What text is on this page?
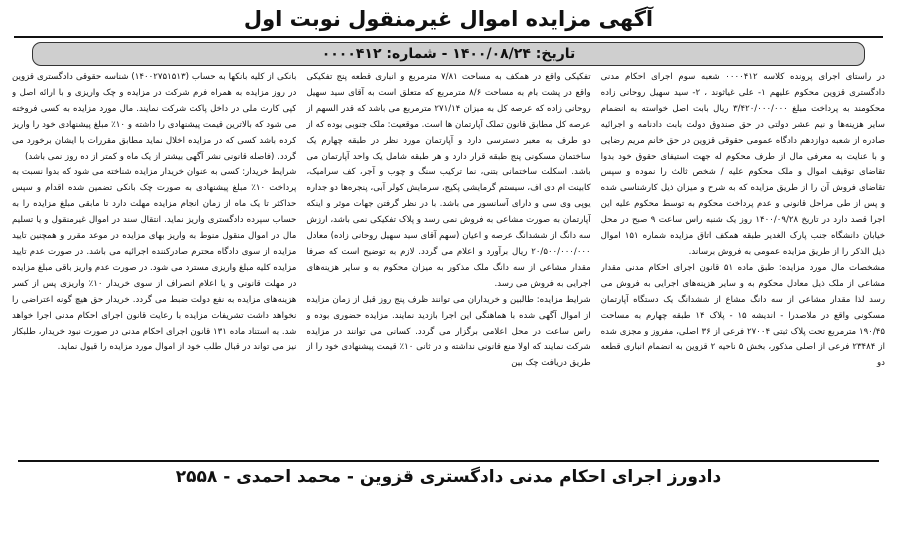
آگهی مزایده اموال غیرمنقول نوبت اول
تاریخ: ۱۴۰۰/۰۸/۲۴ - شماره: ۰۰۰۰۴۱۲

در راستای اجرای پرونده کلاسه ۰۰۰۰۴۱۲ شعبه سوم اجرای احکام مدنی دادگستری قزوین محکوم علیهم ۱- علی غیاثوند ، ۲- سید سهیل روحانی زاده محکومند به پرداخت مبلغ ۳/۴۲۰/۰۰۰/۰۰۰ ریال بابت اصل خواسته به انضمام سایر هزینه‌ها و نیم عشر دولتی در حق صندوق دولت بابت دادنامه و اجرائیه صادره از شعبه دوازدهم دادگاه عمومی حقوقی قزوین در حق خانم مریم رضایی و با عنایت به معرفی مال از طرف محکوم له جهت استیفای حقوق خود بدوا تقاضای توقیف اموال و ملک محکوم علیه / شخص ثالث را نموده و سپس تقاضای فروش آن را از طریق مزایده که به شرح و میزان ذیل کارشناسی شده و پس از طی مراحل قانونی و عدم پرداخت محکوم به توسط محکوم علیه این اجرا قصد دارد در تاریخ ۱۴۰۰/۰۹/۲۸ روز یک شنبه راس ساعت ۹ صبح در محل خیابان دانشگاه جنب پارک الغدیر طبقه همکف اتاق مزایده شماره ۱۵۱ اموال ذیل الذکر را از طریق مزایده عمومی به فروش برساند.

مشخصات مال مورد مزایده: طبق ماده ۵۱ قانون اجرای احکام مدنی مقدار مشاعی از ملک ذیل معادل محکوم به و سایر هزینه‌های اجرایی به فروش می رسد لذا مقدار مشاعی از سه دانگ مشاع از ششدانگ یک دستگاه آپارتمان مسکونی واقع در ملاصدرا - اندیشه ۱۵ - پلاک ۱۴ طبقه چهارم به مساحت ۱۹۰/۴۵ مترمربع تحت پلاک ثبتی ۲۷۰۰۴ فرعی از ۳۶ اصلی، مفروز و مجزی شده از ۲۳۴۸۴ فرعی از اصلی مذکور، بخش ۵ ناحیه ۲ قزوین به انضمام انباری قطعه دو

تفکیکی واقع در همکف به مساحت ۷/۸۱ مترمربع و انباری قطعه پنج تفکیکی واقع در پشت بام به مساحت ۸/۶ مترمربع که متعلق است به آقای سید سهیل روحانی زاده که عرصه کل به میزان ۲۷۱/۱۴ مترمربع می باشد که قدر السهم از عرصه کل مطابق قانون تملک آپارتمان ها است. موقعیت: ملک جنوبی بوده که از دو طرف به معبر دسترسی دارد و آپارتمان مورد نظر در طبقه چهارم یک ساختمان مسکونی پنج طبقه قرار دارد و هر طبقه شامل یک واحد آپارتمان می باشد. اسکلت ساختمانی بتنی، نما ترکیب سنگ و چوب و آجر، کف سرامیک، کابینت ام دی اف، سیستم گرمایشی پکیج، سرمایش کولر آبی، پنجره‌ها دو جداره یوپی وی سی و دارای آسانسور می باشد. با در نظر گرفتن جهات موثر و اینکه آپارتمان به صورت مشاعی به فروش نمی رسد و پلاک تفکیکی نمی باشد، ارزش سه دانگ از ششدانگ عرصه و اعیان (سهم آقای سید سهیل روحانی زاده) معادل ۲۰/۵۰۰/۰۰۰/۰۰۰ ریال برآورد و اعلام می گردد. لازم به توضیح است که صرفا مقدار مشاعی از سه دانگ ملک مذکور به میزان محکوم به و سایر هزینه‌های اجرایی به فروش می رسد.

شرایط مزایده: طالبین و خریداران می توانند ظرف پنج روز قبل از زمان مزایده از اموال آگهی شده با هماهنگی این اجرا بازدید نمایند. مزایده حضوری بوده و راس ساعت در محل اعلامی برگزار می گردد. کسانی می توانند در مزایده شرکت نمایند که اولا منع قانونی نداشته و در ثانی ۱۰٪ قیمت پیشنهادی خود را از طریق دریافت چک بین

بانکی از کلیه بانکها به حساب (۱۴۰۰۲۷۵۱۵۱۳) شناسه حقوقی دادگستری قزوین در روز مزایده به همراه فرم شرکت در مزایده و چک واریزی و با ارائه اصل و کپی کارت ملی در داخل پاکت شرکت نمایند. مال مورد مزایده به کسی فروخته می شود که بالاترین قیمت پیشنهادی را داشته و ۱۰٪ مبلغ پیشنهادی خود را واریز کرده باشد کسی که در مزایده اخلال نماید مطابق مقررات با ایشان برخورد می گردد. (فاصله قانونی نشر آگهی بیشتر از یک ماه و کمتر از ده روز نمی باشد)

شرایط خریدار: کسی به عنوان خریدار مزایده شناخته می شود که بدوا نسبت به پرداخت ۱۰٪ مبلغ پیشنهادی به صورت چک بانکی تضمین شده اقدام و سپس حداکثر تا یک ماه از زمان انجام مزایده مهلت دارد تا مابقی مبلغ مزایده را به حساب سپرده دادگستری واریز نماید. انتقال سند در اموال غیرمنقول و یا تسلیم مال در اموال منقول منوط به واریز بهای مزایده در موعد مقرر و همچنین تایید مزایده از سوی دادگاه محترم صادرکننده اجرائیه می باشد. در صورت عدم تایید مزایده کلیه مبلغ واریزی مسترد می شود. در صورت عدم واریز باقی مبلغ مزایده در مهلت قانونی و یا اعلام انصراف از سوی خریدار ۱۰٪ واریزی پس از کسر هزینه‌های مزایده به نفع دولت ضبط می گردد. خریدار حق هیچ گونه اعتراضی را نخواهد داشت تشریفات مزایده با رعایت قانون اجرای احکام مدنی اجرا خواهد شد. به استناد ماده ۱۳۱ قانون اجرای احکام مدنی در صورت نبود خریدار، طلبکار نیز می تواند در قبال طلب خود از اموال مورد مزایده را قبول نماید.

دادورز اجرای احکام مدنی دادگستری قزوین - محمد احمدی - ۲۵۵۸
